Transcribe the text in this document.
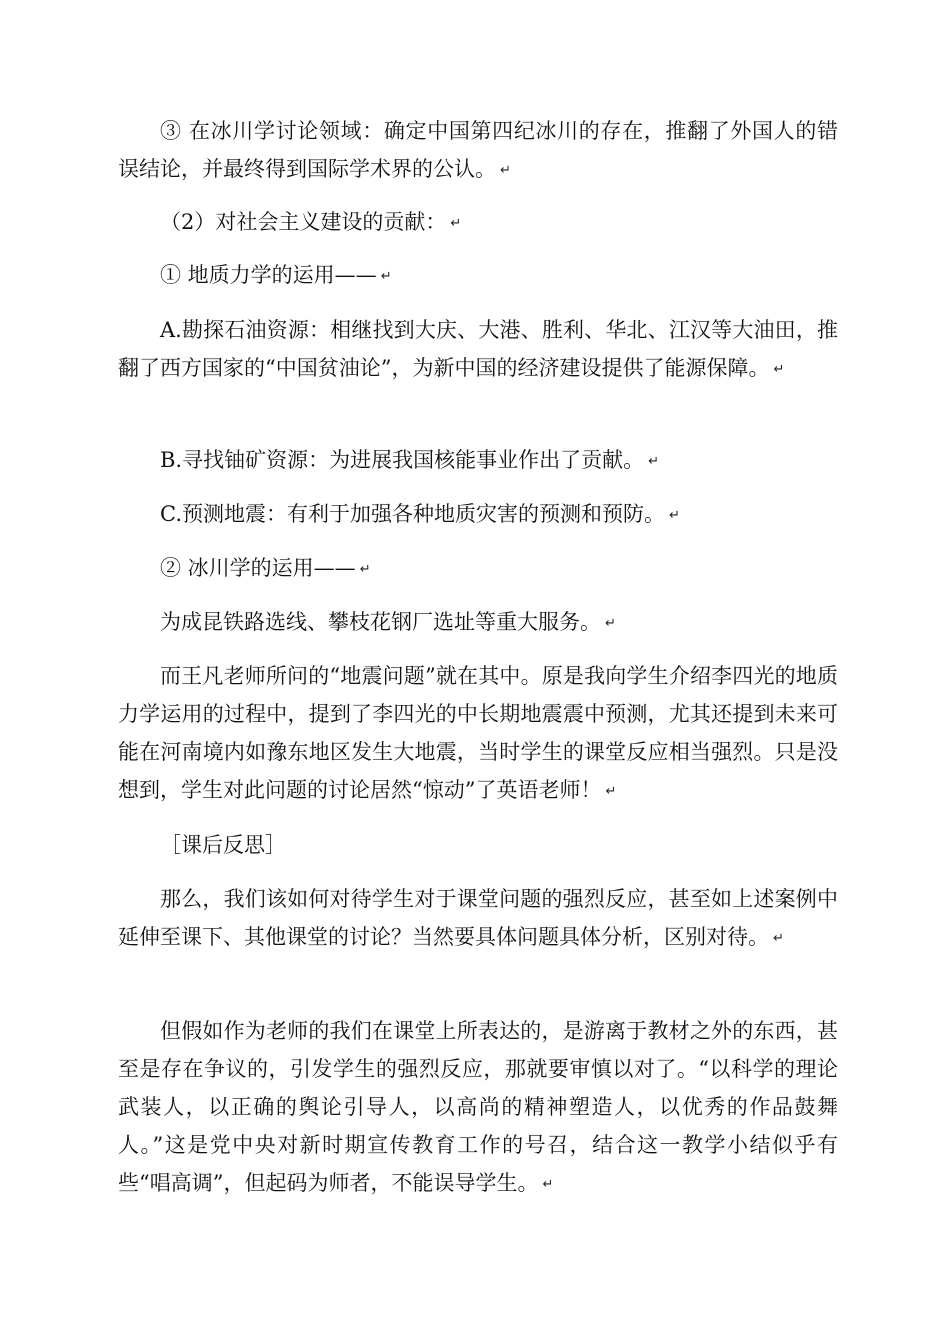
③ 在冰川学讨论领域：确定中国第四纪冰川的存在，推翻了外国人的错误结论，并最终得到国际学术界的公认。 ↵

（2）对社会主义建设的贡献： ↵

① 地质力学的运用—— ↵

A.勘探石油资源：相继找到大庆、大港、胜利、华北、江汉等大油田，推翻了西方国家的“中国贫油论”，为新中国的经济建设提供了能源保障。 ↵

B.寻找铀矿资源：为进展我国核能事业作出了贡献。 ↵

C.预测地震：有利于加强各种地质灾害的预测和预防。 ↵

② 冰川学的运用—— ↵

为成昆铁路选线、攀枝花钢厂选址等重大服务。 ↵

而王凡老师所问的“地震问题”就在其中。原是我向学生介绍李四光的地质力学运用的过程中，提到了李四光的中长期地震震中预测，尤其还提到未来可能在河南境内如豫东地区发生大地震，当时学生的课堂反应相当强烈。只是没想到，学生对此问题的讨论居然“惊动”了英语老师！ ↵

［课后反思］

那么，我们该如何对待学生对于课堂问题的强烈反应，甚至如上述案例中延伸至课下、其他课堂的讨论？当然要具体问题具体分析，区别对待。 ↵

但假如作为老师的我们在课堂上所表达的，是游离于教材之外的东西，甚至是存在争议的，引发学生的强烈反应，那就要审慎以对了。“以科学的理论武装人，以正确的舆论引导人，以高尚的精神塑造人，以优秀的作品鼓舞人。”这是党中央对新时期宣传教育工作的号召，结合这一教学小结似乎有些“唱高调”，但起码为师者，不能误导学生。 ↵
